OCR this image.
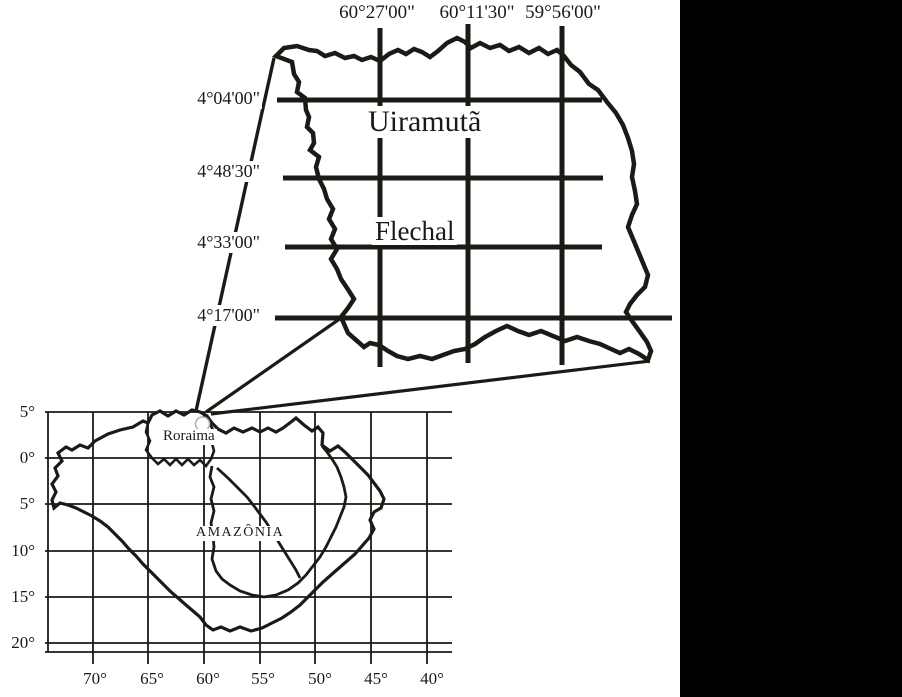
60°27'00" 60°11'30" 59°56'00"
4°04'00"
4°48'30"
4°33'00"
4°17'00"
Uiramutã
Flechal
5°
0°
5°
10°
15°
20°
70° 65° 60° 55° 50° 45° 40°
Roraima
AMAZÔNIA
